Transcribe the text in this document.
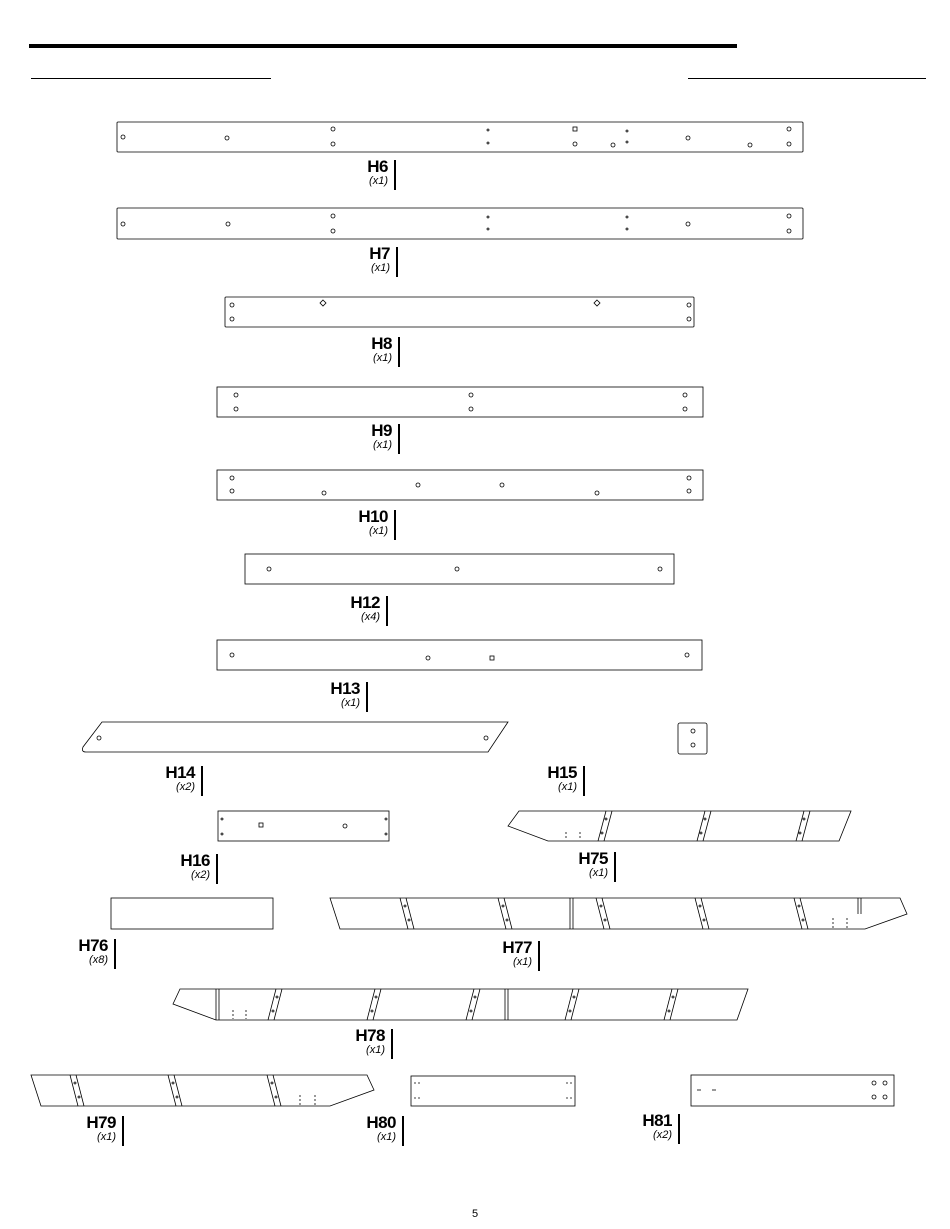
H6
(x1)
H7
(x1)
H8
(x1)
H9
(x1)
H10
(x1)
H12
(x4)
H13
(x1)
H14
(x2)
H15
(x1)
H16
(x2)
H75
(x1)
H76
(x8)
H77
(x1)
H78
(x1)
H79
(x1)
H80
(x1)
H81
(x2)
5
